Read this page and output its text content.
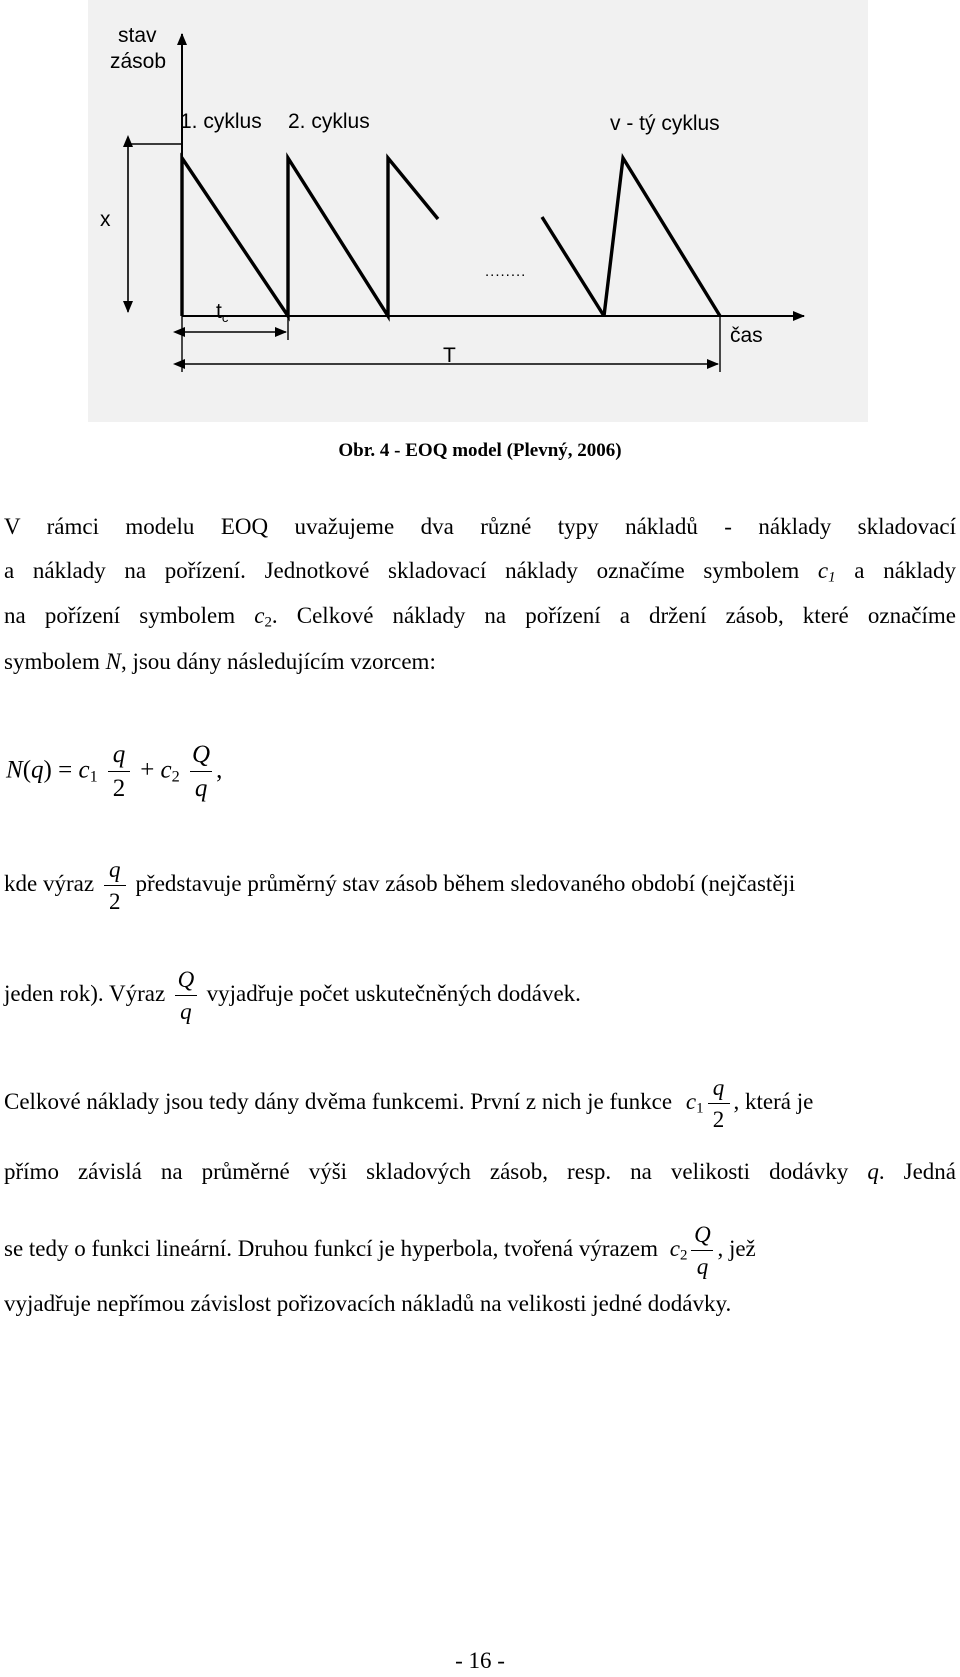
stav
zásob
čas
1. cyklus 2. cyklus	v - tý cyklus
........
x
tc
T
Obr. 4 - EOQ model (Plevný, 2006)
V rámci modelu EOQ uvažujeme dva různé typy nákladů - náklady skladovací
a náklady na pořízení. Jednotkové skladovací náklady označíme symbolem $c_1$ a náklady
na pořízení symbolem $c_2$. Celkové náklady na pořízení a držení zásob, které označíme
symbolem N, jsou dány následujícím vzorcem:
$N(q) = c_1 \frac{q}{2} + c_2 \frac{Q}{q}$ ,
kde výraz $\frac{q}{2}$ představuje průměrný stav zásob během sledovaného období (nejčastěji
jeden rok). Výraz $\frac{Q}{q}$ vyjadřuje počet uskutečněných dodávek.
Celkové náklady jsou tedy dány dvěma funkcemi. První z nich je funkce $c_1 \frac{q}{2}$ , která je
přímo závislá na průměrné výši skladových zásob, resp. na velikosti dodávky q. Jedná
se tedy o funkci lineární. Druhou funkcí je hyperbola, tvořená výrazem $c_2 \frac{Q}{q}$ , jež
vyjadřuje nepřímou závislost pořizovacích nákladů na velikosti jedné dodávky.
- 16 -
